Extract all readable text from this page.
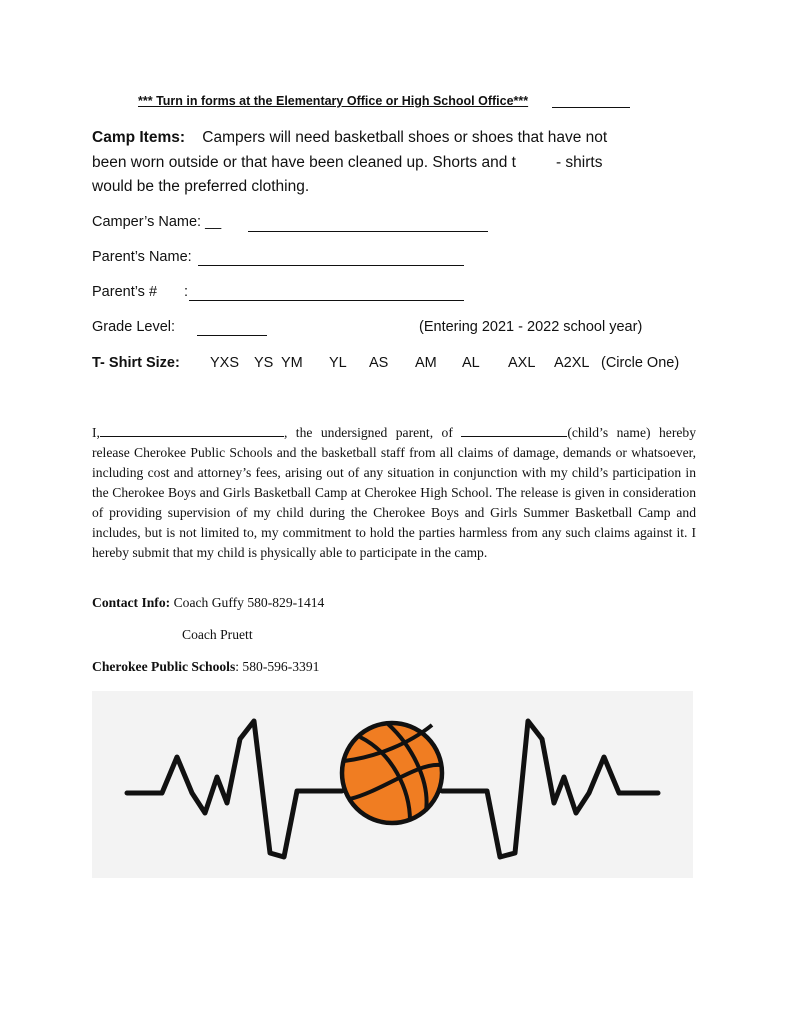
*** Turn in forms at the Elementary Office or High School Office***
Camp Items: Campers will need basketball shoes or shoes that have not
been worn outside or that have been cleaned up. Shorts and t	- shirts
would be the preferred clothing.
Camper’s Name: __
Parent’s Name:
Parent’s # :
Grade Level:	(Entering 2021 - 2022 school year)
T- Shirt Size: YXS YS YM YL AS AM AL AXL A2XL (Circle One)
I,	, the undersigned parent, of	(child’s name) hereby release Cherokee Public Schools and the basketball staff from all claims of damage, demands or whatsoever, including cost and attorney’s fees, arising out of any situation in conjunction with my child’s participation in the Cherokee Boys and Girls Basketball Camp at Cherokee High School. The release is given in consideration of providing supervision of my child during the Cherokee Boys and Girls Summer Basketball Camp and includes, but is not limited to, my commitment to hold the parties harmless from any such claims against it. I hereby submit that my child is physically able to participate in the camp.
Contact Info: Coach Guffy 580-829-1414
Coach Pruett
Cherokee Public Schools: 580-596-3391
